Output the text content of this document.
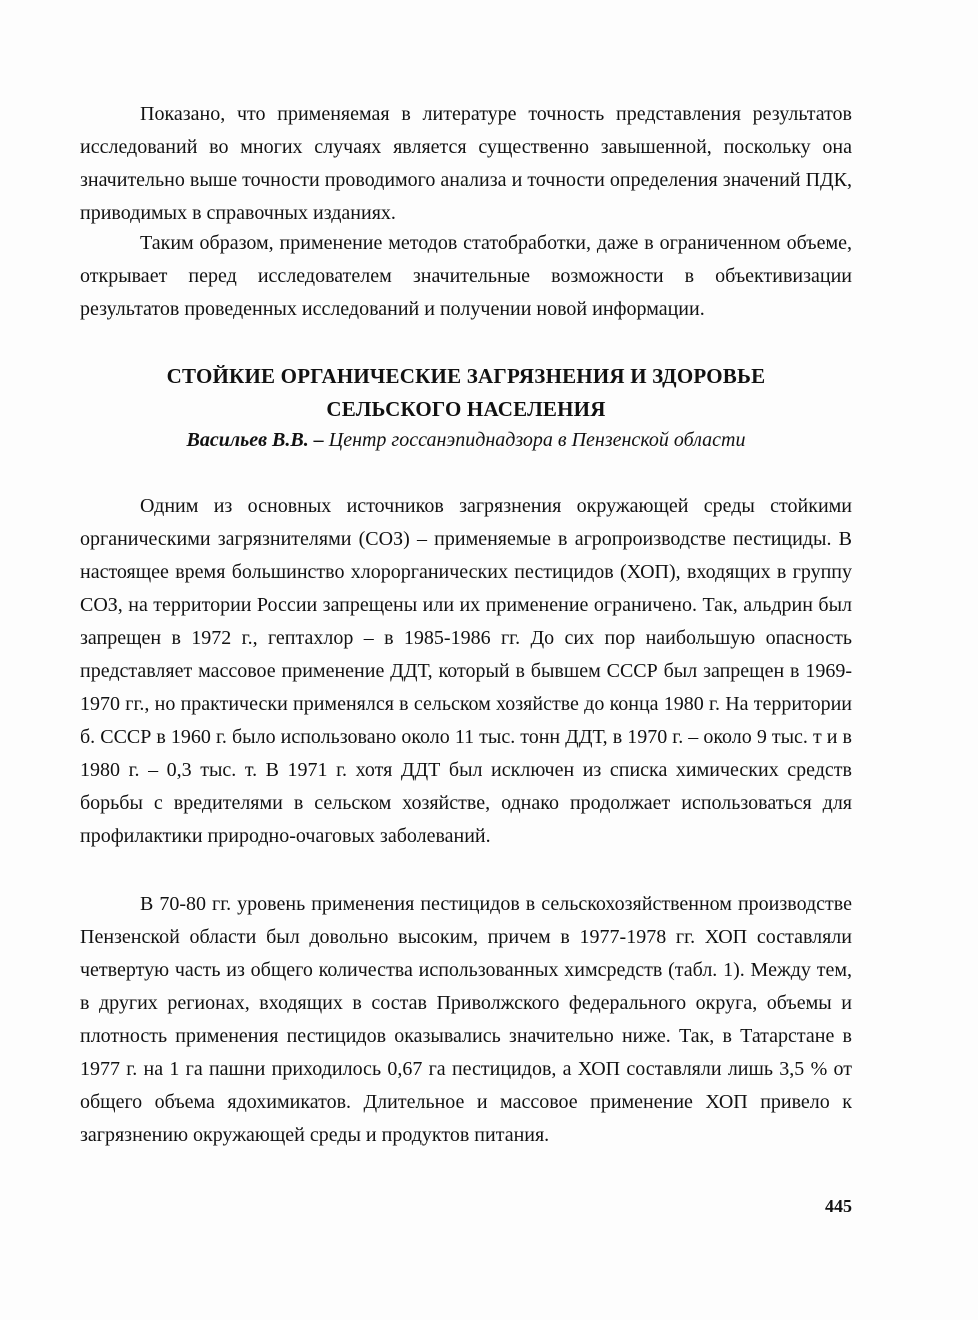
Показано, что применяемая в литературе точность представления результатов исследований во многих случаях является существенно завышенной, поскольку она значительно выше точности проводимого анализа и точности определения значений ПДК, приводимых в справочных изданиях.

Таким образом, применение методов статобработки, даже в ограниченном объеме, открывает перед исследователем значительные возможности в объективизации результатов проведенных исследований и получении новой информации.

СТОЙКИЕ ОРГАНИЧЕСКИЕ ЗАГРЯЗНЕНИЯ И ЗДОРОВЬЕ
СЕЛЬСКОГО НАСЕЛЕНИЯ

Васильев В.В. – Центр госсанэпиднадзора в Пензенской области

Одним из основных источников загрязнения окружающей среды стойкими органическими загрязнителями (СОЗ) – применяемые в агропроизводстве пестициды. В настоящее время большинство хлорорганических пестицидов (ХОП), входящих в группу СОЗ, на территории России запрещены или их применение ограничено. Так, альдрин был запрещен в 1972 г., гептахлор – в 1985-1986 гг. До сих пор наибольшую опасность представляет массовое применение ДДТ, который в бывшем СССР был запрещен в 1969-1970 гг., но практически применялся в сельском хозяйстве до конца 1980 г. На территории б. СССР в 1960 г. было использовано около 11 тыс. тонн ДДТ, в 1970 г. – около 9 тыс. т и в 1980 г. – 0,3 тыс. т. В 1971 г. хотя ДДТ был исключен из списка химических средств борьбы с вредителями в сельском хозяйстве, однако продолжает использоваться для профилактики природно-очаговых заболеваний.

В 70-80 гг. уровень применения пестицидов в сельскохозяйственном производстве Пензенской области был довольно высоким, причем в 1977-1978 гг. ХОП составляли четвертую часть из общего количества использованных химсредств (табл. 1). Между тем, в других регионах, входящих в состав Приволжского федерального округа, объемы и плотность применения пестицидов оказывались значительно ниже. Так, в Татарстане в 1977 г. на 1 га пашни приходилось 0,67 га пестицидов, а ХОП составляли лишь 3,5 % от общего объема ядохимикатов. Длительное и массовое применение ХОП привело к загрязнению окружающей среды и продуктов питания.

445
